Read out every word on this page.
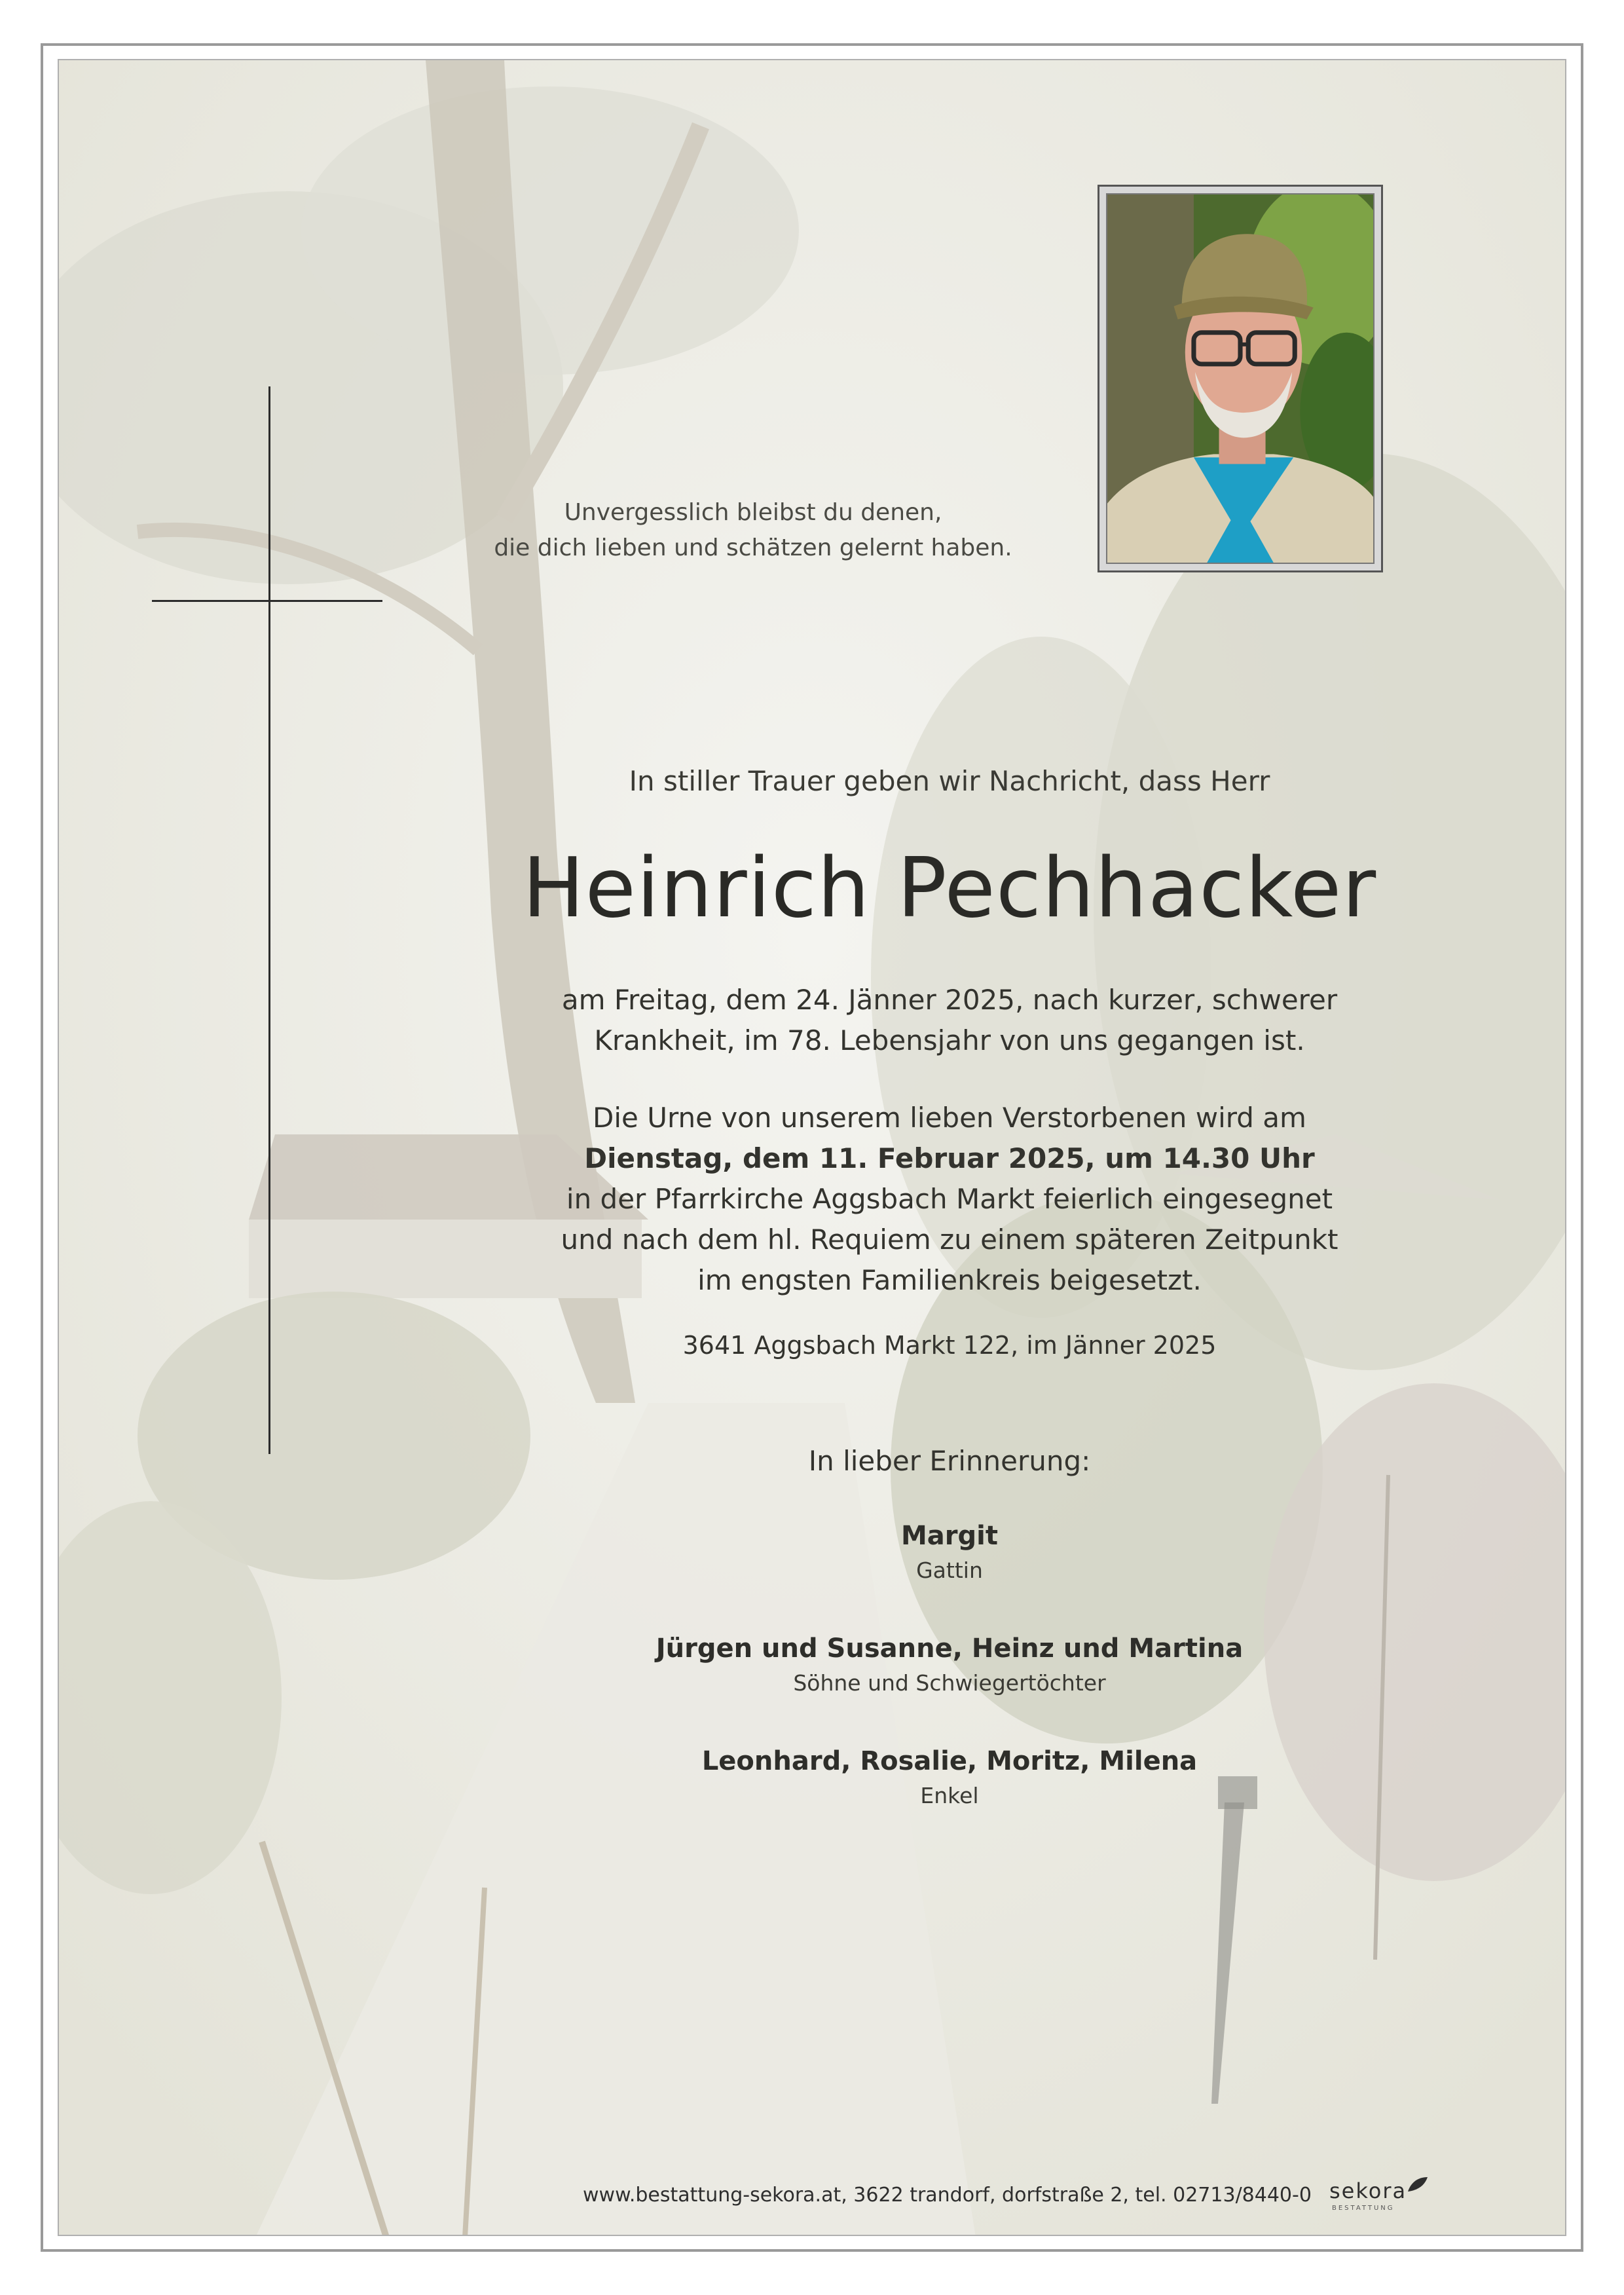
Unvergesslich bleibst du denen,
die dich lieben und schätzen gelernt haben.
In stiller Trauer geben wir Nachricht, dass Herr
Heinrich Pechhacker
am Freitag, dem 24. Jänner 2025, nach kurzer, schwerer
Krankheit, im 78. Lebensjahr von uns gegangen ist.
Die Urne von unserem lieben Verstorbenen wird am
Dienstag, dem 11. Februar 2025, um 14.30 Uhr
in der Pfarrkirche Aggsbach Markt feierlich eingesegnet
und nach dem hl. Requiem zu einem späteren Zeitpunkt
im engsten Familienkreis beigesetzt.
3641 Aggsbach Markt 122, im Jänner 2025
In lieber Erinnerung:
Margit
Gattin
Jürgen und Susanne, Heinz und Martina
Söhne und Schwiegertöchter
Leonhard, Rosalie, Moritz, Milena
Enkel
www.bestattung-sekora.at, 3622 trandorf, dorfstraße 2, tel. 02713/8440-0 sekora
BESTATTUNG
